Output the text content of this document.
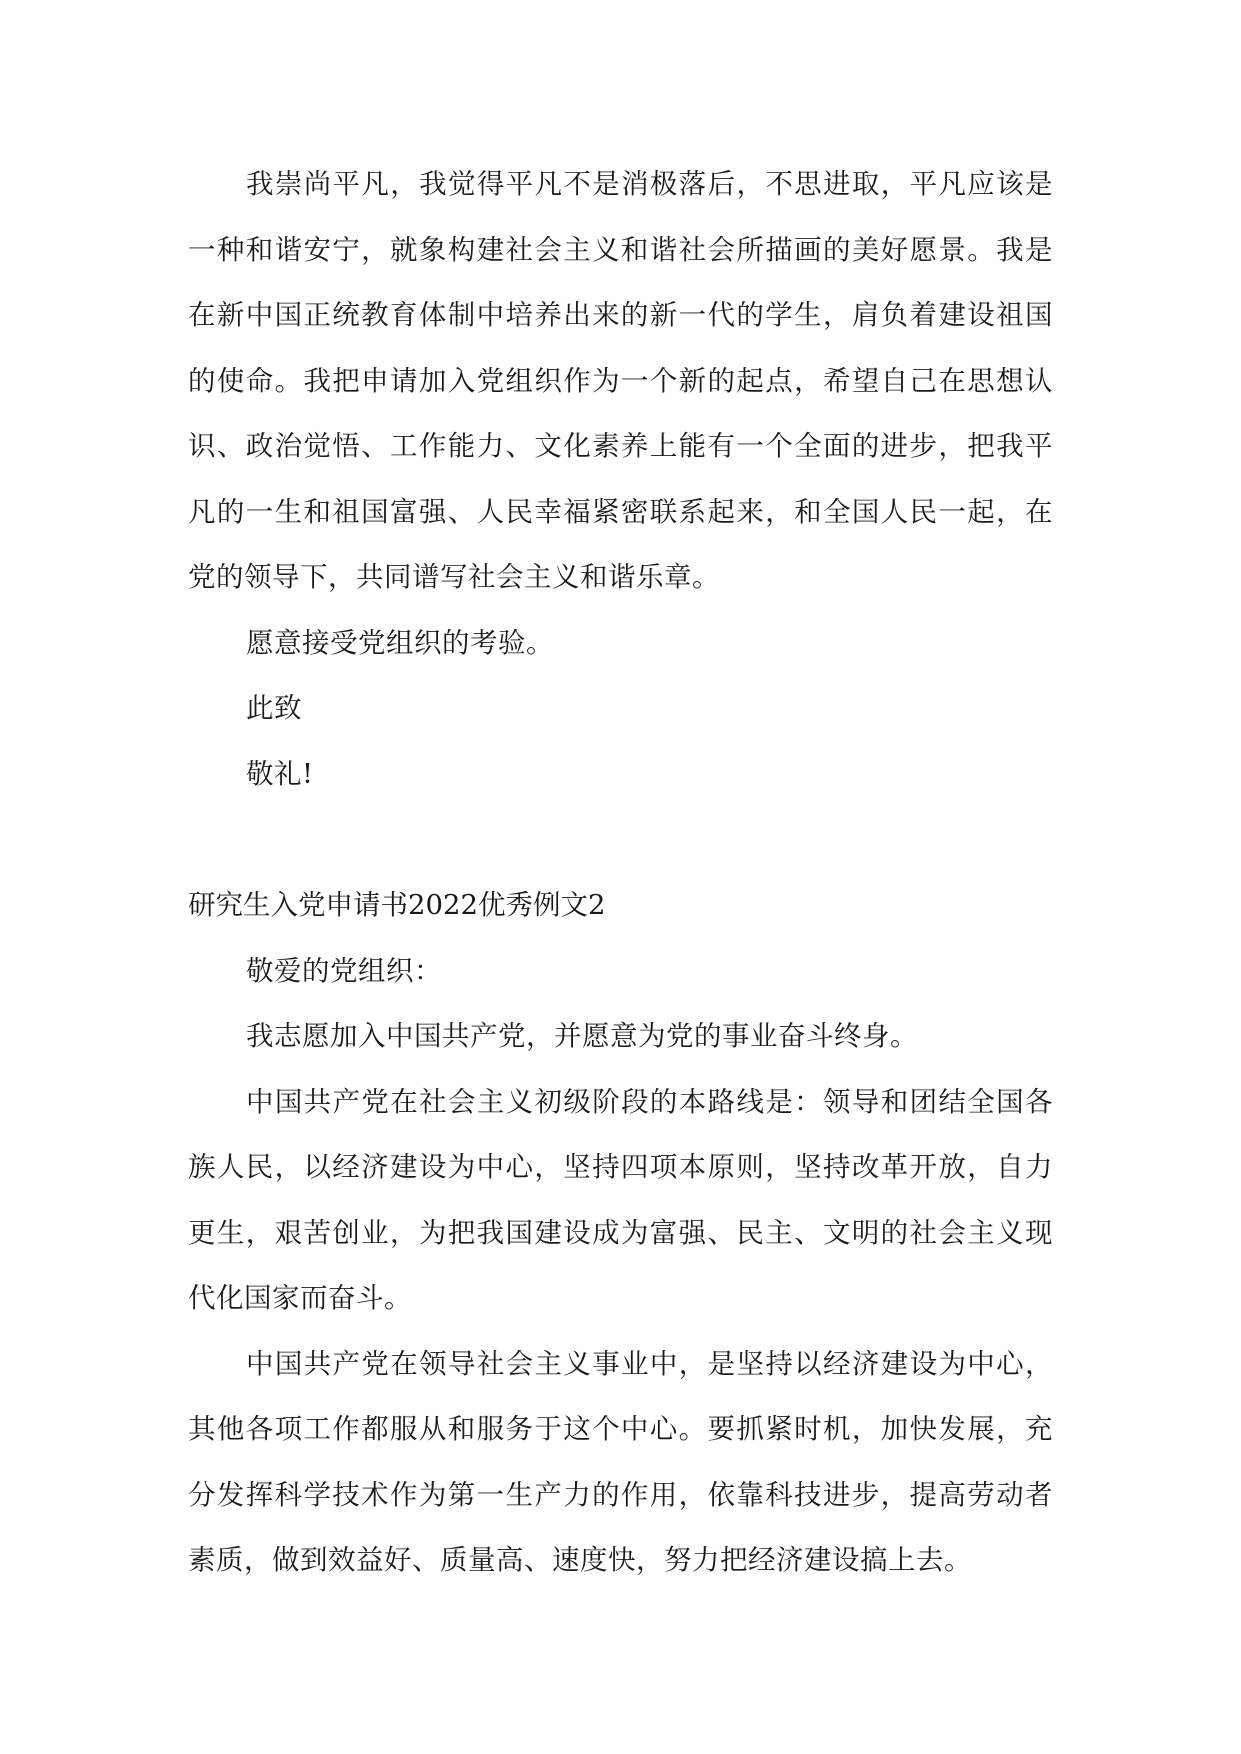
我崇尚平凡，我觉得平凡不是消极落后，不思进取，平凡应该是一种和谐安宁，就象构建社会主义和谐社会所描画的美好愿景。我是在新中国正统教育体制中培养出来的新一代的学生，肩负着建设祖国的使命。我把申请加入党组织作为一个新的起点，希望自己在思想认识、政治觉悟、工作能力、文化素养上能有一个全面的进步，把我平凡的一生和祖国富强、人民幸福紧密联系起来，和全国人民一起，在党的领导下，共同谱写社会主义和谐乐章。

愿意接受党组织的考验。

此致

敬礼!

研究生入党申请书2022优秀例文2

敬爱的党组织：

我志愿加入中国共产党，并愿意为党的事业奋斗终身。

中国共产党在社会主义初级阶段的本路线是：领导和团结全国各族人民，以经济建设为中心，坚持四项本原则，坚持改革开放，自力更生，艰苦创业，为把我国建设成为富强、民主、文明的社会主义现代化国家而奋斗。

中国共产党在领导社会主义事业中，是坚持以经济建设为中心，其他各项工作都服从和服务于这个中心。要抓紧时机，加快发展，充分发挥科学技术作为第一生产力的作用，依靠科技进步，提高劳动者素质，做到效益好、质量高、速度快，努力把经济建设搞上去。
